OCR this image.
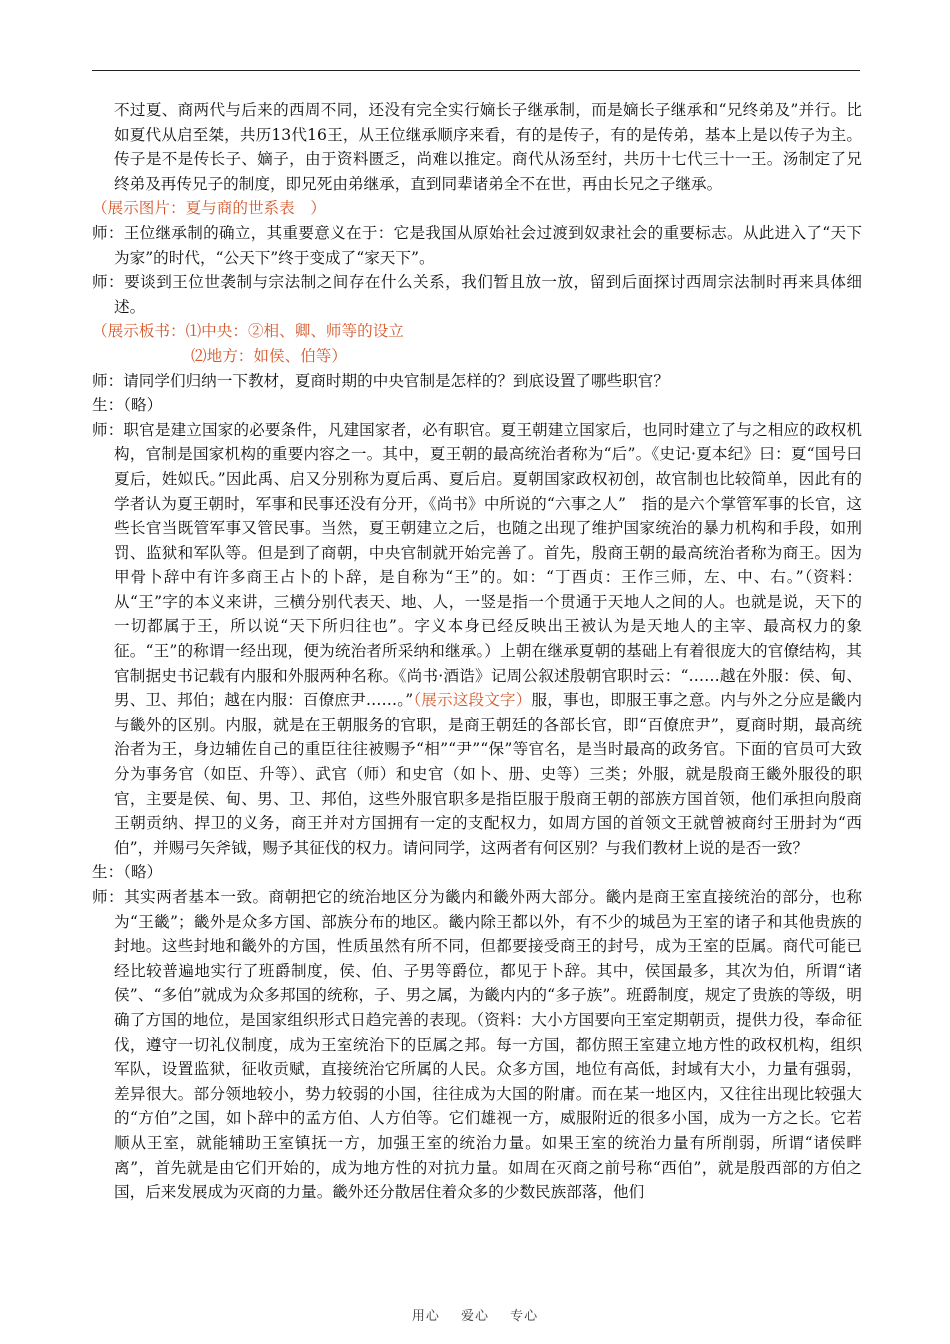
不过夏、商两代与后来的西周不同，还没有完全实行嫡长子继承制，而是嫡长子继承和“兄终弟及”并行。比如夏代从启至桀，共历13代16王，从王位继承顺序来看，有的是传子，有的是传弟，基本上是以传子为主。传子是不是传长子、嫡子，由于资料匮乏，尚难以推定。商代从汤至纣，共历十七代三十一王。汤制定了兄终弟及再传兄子的制度，即兄死由弟继承，直到同辈诸弟全不在世，再由长兄之子继承。

（展示图片：夏与商的世系表　）

师：王位继承制的确立，其重要意义在于：它是我国从原始社会过渡到奴隶社会的重要标志。从此进入了“天下为家”的时代，“公天下”终于变成了“家天下”。

师：要谈到王位世袭制与宗法制之间存在什么关系，我们暂且放一放，留到后面探讨西周宗法制时再来具体细述。

（展示板书：⑴中央：②相、卿、师等的设立

⑵地方：如侯、伯等）

师：请同学们归纳一下教材，夏商时期的中央官制是怎样的？到底设置了哪些职官？

生：（略）

师：职官是建立国家的必要条件，凡建国家者，必有职官。夏王朝建立国家后，也同时建立了与之相应的政权机构，官制是国家机构的重要内容之一。其中，夏王朝的最高统治者称为“后”。《史记·夏本纪》曰：夏“国号曰夏后，姓姒氏。”因此禹、启又分别称为夏后禹、夏后启。夏朝国家政权初创，故官制也比较简单，因此有的学者认为夏王朝时，军事和民事还没有分开，《尚书》中所说的“六事之人”　指的是六个掌管军事的长官，这些长官当既管军事又管民事。当然，夏王朝建立之后，也随之出现了维护国家统治的暴力机构和手段，如刑罚、监狱和军队等。但是到了商朝，中央官制就开始完善了。首先，殷商王朝的最高统治者称为商王。因为甲骨卜辞中有许多商王占卜的卜辞，是自称为“王”的。如：“丁酉贞：王作三师，左、中、右。”（资料：从“王”字的本义来讲，三横分别代表天、地、人，一竖是指一个贯通于天地人之间的人。也就是说，天下的一切都属于王，所以说“天下所归往也”。字义本身已经反映出王被认为是天地人的主宰、最高权力的象征。“王”的称谓一经出现，便为统治者所采纳和继承。）上朝在继承夏朝的基础上有着很庞大的官僚结构，其官制据史书记载有内服和外服两种名称。《尚书·酒诰》记周公叙述殷朝官职时云：“……越在外服：侯、甸、男、卫、邦伯；越在内服：百僚庶尹……。”（展示这段文字）服，事也，即服王事之意。内与外之分应是畿内与畿外的区别。内服，就是在王朝服务的官职，是商王朝廷的各部长官，即“百僚庶尹”，夏商时期，最高统治者为王，身边辅佐自己的重臣往往被赐予“相”“尹”“保”等官名，是当时最高的政务官。下面的官员可大致分为事务官（如臣、升等）、武官（师）和史官（如卜、册、史等）三类；外服，就是殷商王畿外服役的职官，主要是侯、甸、男、卫、邦伯，这些外服官职多是指臣服于殷商王朝的部族方国首领，他们承担向殷商王朝贡纳、捍卫的义务，商王并对方国拥有一定的支配权力，如周方国的首领文王就曾被商纣王册封为“西伯”，并赐弓矢斧钺，赐予其征伐的权力。请问同学，这两者有何区别？与我们教材上说的是否一致？

生：（略）

师：其实两者基本一致。商朝把它的统治地区分为畿内和畿外两大部分。畿内是商王室直接统治的部分，也称为“王畿”；畿外是众多方国、部族分布的地区。畿内除王都以外，有不少的城邑为王室的诸子和其他贵族的封地。这些封地和畿外的方国，性质虽然有所不同，但都要接受商王的封号，成为王室的臣属。商代可能已经比较普遍地实行了班爵制度，侯、伯、子男等爵位，都见于卜辞。其中，侯国最多，其次为伯，所谓“诸侯”、“多伯”就成为众多邦国的统称，子、男之属，为畿内内的“多子族”。班爵制度，规定了贵族的等级，明确了方国的地位，是国家组织形式日趋完善的表现。（资料：大小方国要向王室定期朝贡，提供力役，奉命征伐，遵守一切礼仪制度，成为王室统治下的臣属之邦。每一方国，都仿照王室建立地方性的政权机构，组织军队，设置监狱，征收贡赋，直接统治它所属的人民。众多方国，地位有高低，封域有大小，力量有强弱，差异很大。部分领地较小，势力较弱的小国，往往成为大国的附庸。而在某一地区内，又往往出现比较强大的“方伯”之国，如卜辞中的孟方伯、人方伯等。它们雄视一方，威服附近的很多小国，成为一方之长。它若顺从王室，就能辅助王室镇抚一方，加强王室的统治力量。如果王室的统治力量有所削弱，所谓“诸侯畔离”，首先就是由它们开始的，成为地方性的对抗力量。如周在灭商之前号称“西伯”，就是殷西部的方伯之国，后来发展成为灭商的力量。畿外还分散居住着众多的少数民族部落，他们

用心 爱心 专心
